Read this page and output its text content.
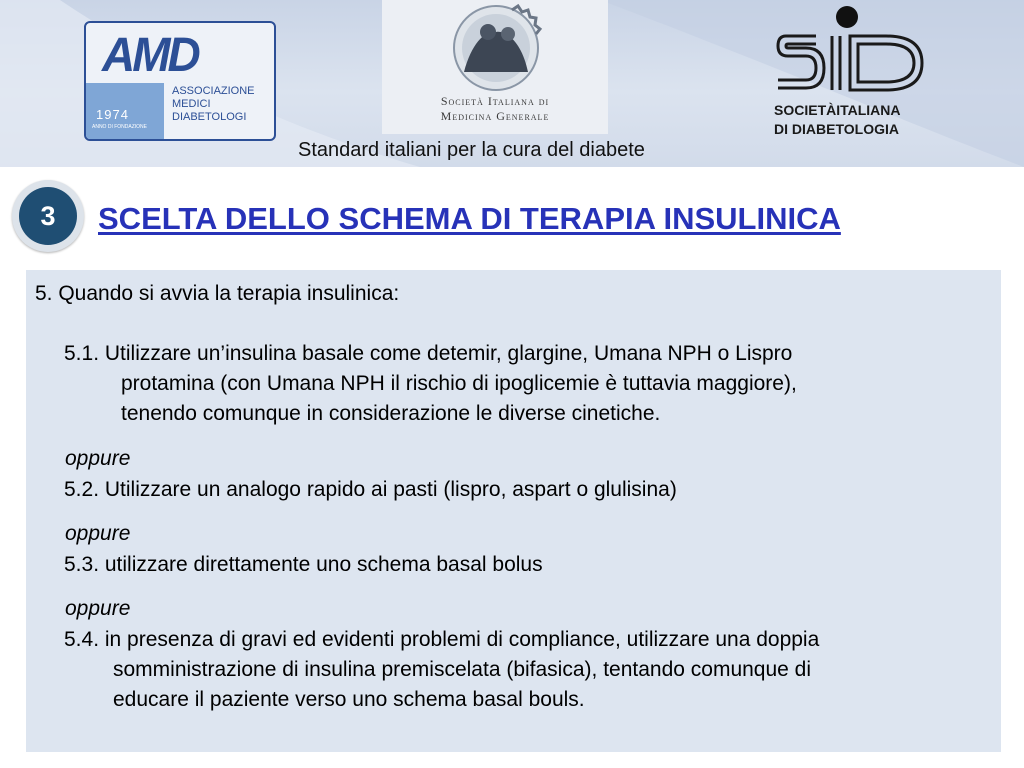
AMD
1974
ANNO DI FONDAZIONE
ASSOCIAZIONE
MEDICI
DIABETOLOGI
Società Italiana di
Medicina Generale	SOCIETÀITALIANA
DI DIABETOLOGIA
Standard italiani per la cura del diabete
3	SCELTA DELLO SCHEMA DI TERAPIA INSULINICA
5. Quando si avvia la terapia insulinica:
5.1. Utilizzare un’insulina basale come detemir, glargine, Umana NPH o Lispro
protamina (con Umana NPH il rischio di ipoglicemie è tuttavia maggiore),
tenendo comunque in considerazione le diverse cinetiche.
oppure
5.2. Utilizzare un analogo rapido ai pasti (lispro, aspart o glulisina)
oppure
5.3. utilizzare direttamente uno schema basal bolus
oppure
5.4. in presenza di gravi ed evidenti problemi di compliance, utilizzare una doppia
somministrazione di insulina premiscelata (bifasica), tentando comunque di
educare il paziente verso uno schema basal bouls.
